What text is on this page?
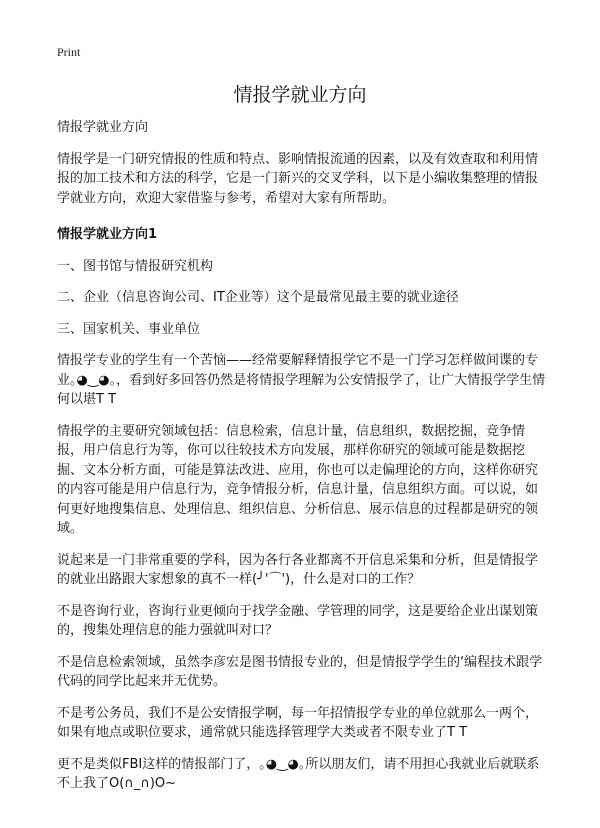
Print
情报学就业方向

情报学就业方向

情报学是一门研究情报的性质和特点、影响情报流通的因素，以及有效查取和利用情报的加工技术和方法的科学，它是一门新兴的交叉学科，以下是小编收集整理的情报学就业方向，欢迎大家借鉴与参考，希望对大家有所帮助。

情报学就业方向1

一、图书馆与情报研究机构

二、企业（信息咨询公司、IT企业等）这个是最常见最主要的就业途径

三、国家机关、事业单位

情报学专业的学生有一个苦恼——经常要解释情报学它不是一门学习怎样做间谍的专业｡◕‿◕｡，看到好多回答仍然是将情报学理解为公安情报学了，让广大情报学学生情何以堪T T

情报学的主要研究领域包括：信息检索，信息计量，信息组织，数据挖掘，竞争情报，用户信息行为等，你可以往较技术方向发展，那样你研究的领域可能是数据挖掘、文本分析方面，可能是算法改进、应用，你也可以走偏理论的方向，这样你研究的内容可能是用户信息行为，竞争情报分析，信息计量，信息组织方面。可以说，如何更好地搜集信息、处理信息、组织信息、分析信息、展示信息的过程都是研究的领域。

说起来是一门非常重要的学科，因为各行各业都离不开信息采集和分析，但是情报学的就业出路跟大家想象的真不一样(╯'⌒')，什么是对口的工作？

不是咨询行业，咨询行业更倾向于找学金融、学管理的同学，这是要给企业出谋划策的，搜集处理信息的能力强就叫对口？

不是信息检索领域，虽然李彦宏是图书情报专业的，但是情报学学生的‘编程技术跟学代码的同学比起来并无优势。

不是考公务员，我们不是公安情报学啊，每一年招情报学专业的单位就那么一两个，如果有地点或职位要求，通常就只能选择管理学大类或者不限专业了T T

更不是类似FBI这样的情报部门了，｡◕‿◕｡所以朋友们，请不用担心我就业后就联系不上我了O(∩_∩)O~
